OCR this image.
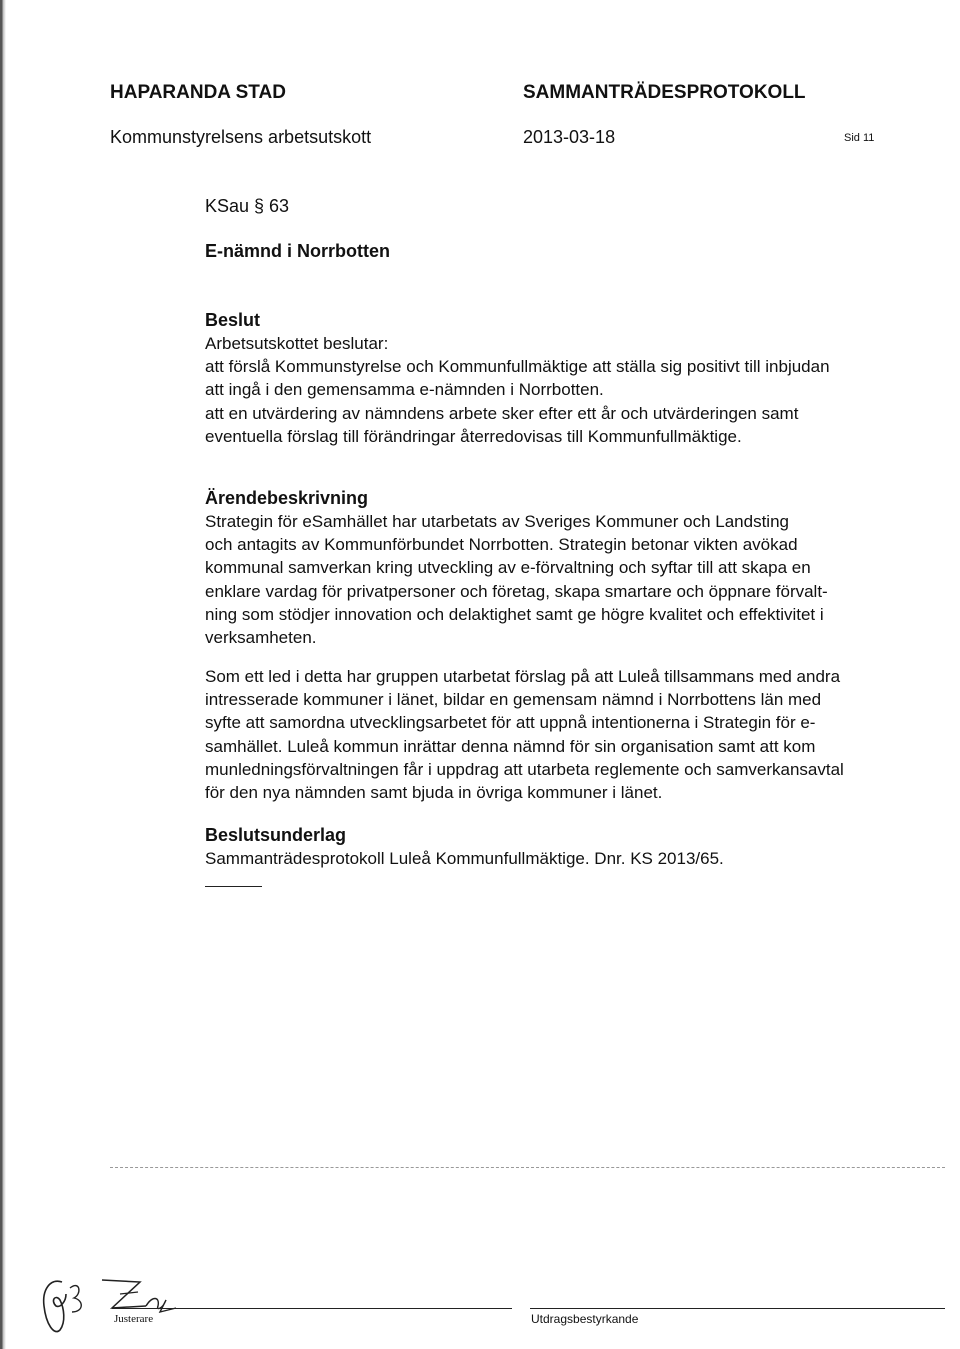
HAPARANDA STAD	SAMMANTRÄDESPROTOKOLL
Kommunstyrelsens arbetsutskott	2013-03-18	Sid 11
KSau § 63
E-nämnd i Norrbotten
Beslut
Arbetsutskottet beslutar:
att förslå Kommunstyrelse och Kommunfullmäktige att ställa sig positivt till inbjudan
att ingå i den gemensamma e-nämnden i Norrbotten.
att en utvärdering av nämndens arbete sker efter ett år och utvärderingen samt
eventuella förslag till förändringar återredovisas till Kommunfullmäktige.
Ärendebeskrivning
Strategin för eSamhället har utarbetats av Sveriges Kommuner och Landsting
och antagits av Kommunförbundet Norrbotten. Strategin betonar vikten avökad
kommunal samverkan kring utveckling av e-förvaltning och syftar till att skapa en
enklare vardag för privatpersoner och företag, skapa smartare och öppnare förvalt-
ning som stödjer innovation och delaktighet samt ge högre kvalitet och effektivitet i
verksamheten.
Som ett led i detta har gruppen utarbetat förslag på att Luleå tillsammans med andra
intresserade kommuner i länet, bildar en gemensam nämnd i Norrbottens län med
syfte att samordna utvecklingsarbetet för att uppnå intentionerna i Strategin för e-
samhället. Luleå kommun inrättar denna nämnd för sin organisation samt att kom
munledningsförvaltningen får i uppdrag att utarbeta reglemente och samverkansavtal
för den nya nämnden samt bjuda in övriga kommuner i länet.
Beslutsunderlag
Sammanträdesprotokoll Luleå Kommunfullmäktige. Dnr. KS 2013/65.
Justerare	Utdragsbestyrkande
